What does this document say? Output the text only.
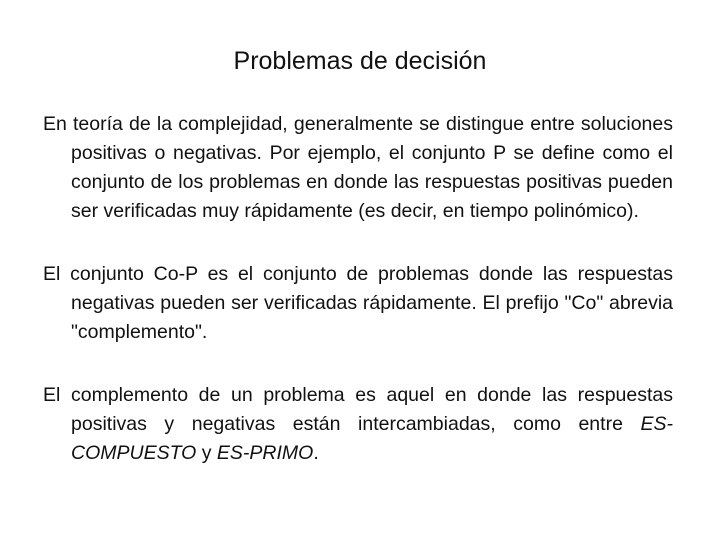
Problemas de decisión

En teoría de la complejidad, generalmente se distingue entre soluciones positivas o negativas. Por ejemplo, el conjunto P se define como el conjunto de los problemas en donde las respuestas positivas pueden ser verificadas muy rápidamente (es decir, en tiempo polinómico).

El conjunto Co-P es el conjunto de problemas donde las respuestas negativas pueden ser verificadas rápidamente. El prefijo "Co" abrevia "complemento".

El complemento de un problema es aquel en donde las respuestas positivas y negativas están intercambiadas, como entre ES-COMPUESTO y ES-PRIMO.
